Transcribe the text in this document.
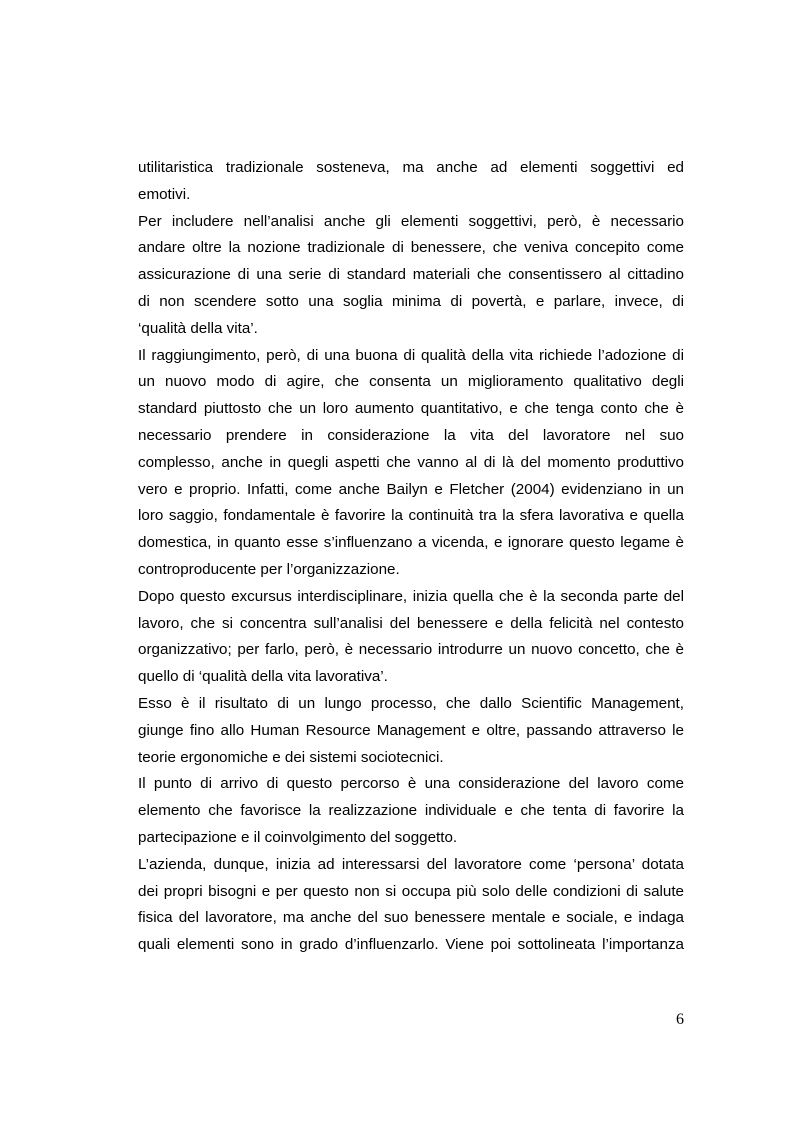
utilitaristica tradizionale sosteneva, ma anche ad elementi soggettivi ed
emotivi.
Per includere nell’analisi anche gli elementi soggettivi, però, è necessario
andare oltre la nozione tradizionale di benessere, che veniva concepito come
assicurazione di una serie di standard materiali che consentissero al cittadino
di non scendere sotto una soglia minima di povertà, e parlare, invece, di
‘qualità della vita’.
Il raggiungimento, però, di una buona di qualità della vita richiede l’adozione di
un nuovo modo di agire, che consenta un miglioramento qualitativo degli
standard piuttosto che un loro aumento quantitativo, e che tenga conto che è
necessario prendere in considerazione la vita del lavoratore nel suo
complesso, anche in quegli aspetti che vanno al di là del momento produttivo
vero e proprio. Infatti, come anche Bailyn e Fletcher (2004) evidenziano in un
loro saggio, fondamentale è favorire la continuità tra la sfera lavorativa e quella
domestica, in quanto esse s’influenzano a vicenda, e ignorare questo legame è
controproducente per l’organizzazione.
Dopo questo excursus interdisciplinare, inizia quella che è la seconda parte del
lavoro, che si concentra sull’analisi del benessere e della felicità nel contesto
organizzativo; per farlo, però, è necessario introdurre un nuovo concetto, che è
quello di ‘qualità della vita lavorativa’.
Esso è il risultato di un lungo processo, che dallo Scientific Management,
giunge fino allo Human Resource Management e oltre, passando attraverso le
teorie ergonomiche e dei sistemi sociotecnici.
Il punto di arrivo di questo percorso è una considerazione del lavoro come
elemento che favorisce la realizzazione individuale e che tenta di favorire la
partecipazione e il coinvolgimento del soggetto.
L’azienda, dunque, inizia ad interessarsi del lavoratore come ‘persona’ dotata
dei propri bisogni e per questo non si occupa più solo delle condizioni di salute
fisica del lavoratore, ma anche del suo benessere mentale e sociale, e indaga
quali elementi sono in grado d’influenzarlo. Viene poi sottolineata l’importanza
6
